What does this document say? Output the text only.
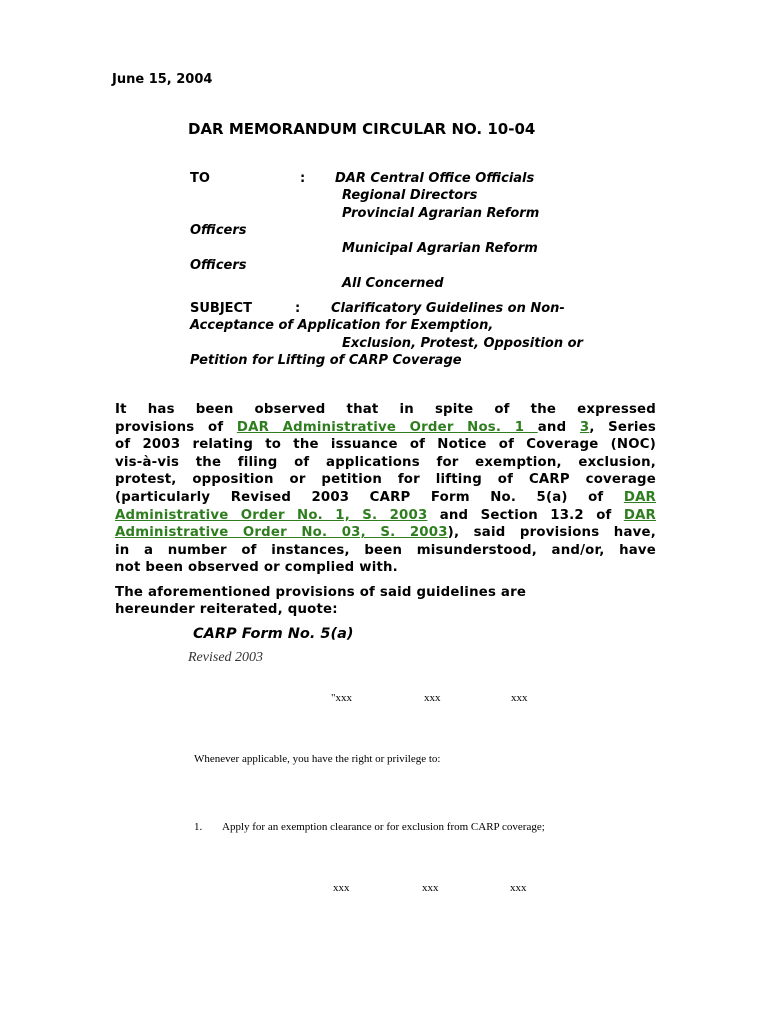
June 15, 2004
DAR MEMORANDUM CIRCULAR NO. 10-04
TO	: DAR Central Office Officials
Regional Directors
Provincial Agrarian Reform
Officers
Municipal Agrarian Reform
Officers
All Concerned
SUBJECT	: Clarificatory Guidelines on Non-
Acceptance of Application for Exemption,
Exclusion, Protest, Opposition or
Petition for Lifting of CARP Coverage
It has been observed that in spite of the expressed
provisions of DAR Administrative Order Nos. 1 and 3, Series
of 2003 relating to the issuance of Notice of Coverage (NOC)
vis-à-vis the filing of applications for exemption, exclusion,
protest, opposition or petition for lifting of CARP coverage
(particularly Revised 2003 CARP Form No. 5(a) of DAR
Administrative Order No. 1, S. 2003 and Section 13.2 of DAR
Administrative Order No. 03, S. 2003), said provisions have,
in a number of instances, been misunderstood, and/or, have
not been observed or complied with.
The aforementioned provisions of said guidelines are
hereunder reiterated, quote:
CARP Form No. 5(a)
Revised 2003
"xxx	xxx	xxx
Whenever applicable, you have the right or privilege to:
1. Apply for an exemption clearance or for exclusion from CARP coverage;
xxx	xxx	xxx
